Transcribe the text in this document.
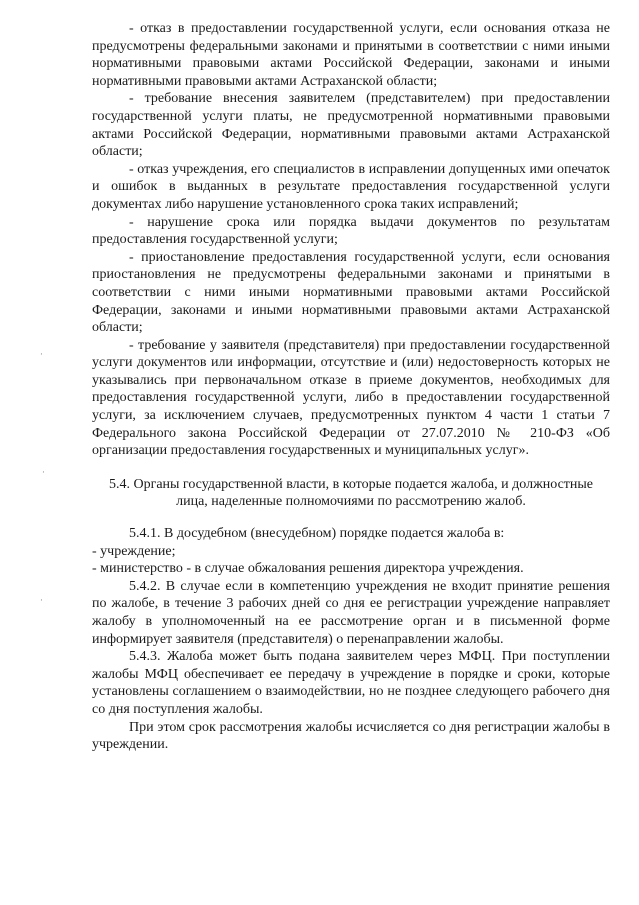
- отказ в предоставлении государственной услуги, если основания отказа не предусмотрены федеральными законами и принятыми в соответствии с ними иными нормативными правовыми актами Российской Федерации, законами и иными нормативными правовыми актами Астраханской области;

- требование внесения заявителем (представителем) при предоставлении государственной услуги платы, не предусмотренной нормативными правовыми актами Российской Федерации, нормативными правовыми актами Астраханской области;

- отказ учреждения, его специалистов в исправлении допущенных ими опечаток и ошибок в выданных в результате предоставления государственной услуги документах либо нарушение установленного срока таких исправлений;

- нарушение срока или порядка выдачи документов по результатам предоставления государственной услуги;

- приостановление предоставления государственной услуги, если основания приостановления не предусмотрены федеральными законами и принятыми в соответствии с ними иными нормативными правовыми актами Российской Федерации, законами и иными нормативными правовыми актами Астраханской области;

- требование у заявителя (представителя) при предоставлении государственной услуги документов или информации, отсутствие и (или) недостоверность которых не указывались при первоначальном отказе в приеме документов, необходимых для предоставления государственной услуги, либо в предоставлении государственной услуги, за исключением случаев, предусмотренных пунктом 4 части 1 статьи 7 Федерального закона Российской Федерации от 27.07.2010 № 210-ФЗ «Об организации предоставления государственных и муниципальных услуг».

5.4. Органы государственной власти, в которые подается жалоба, и должностные лица, наделенные полномочиями по рассмотрению жалоб.

5.4.1. В досудебном (внесудебном) порядке подается жалоба в:

- учреждение;

- министерство - в случае обжалования решения директора учреждения.

5.4.2. В случае если в компетенцию учреждения не входит принятие решения по жалобе, в течение 3 рабочих дней со дня ее регистрации учреждение направляет жалобу в уполномоченный на ее рассмотрение орган и в письменной форме информирует заявителя (представителя) о перенаправлении жалобы.

5.4.3. Жалоба может быть подана заявителем через МФЦ. При поступлении жалобы МФЦ обеспечивает ее передачу в учреждение в порядке и сроки, которые установлены соглашением о взаимодействии, но не позднее следующего рабочего дня со дня поступления жалобы.

При этом срок рассмотрения жалобы исчисляется со дня регистрации жалобы в учреждении.

·
·
·
